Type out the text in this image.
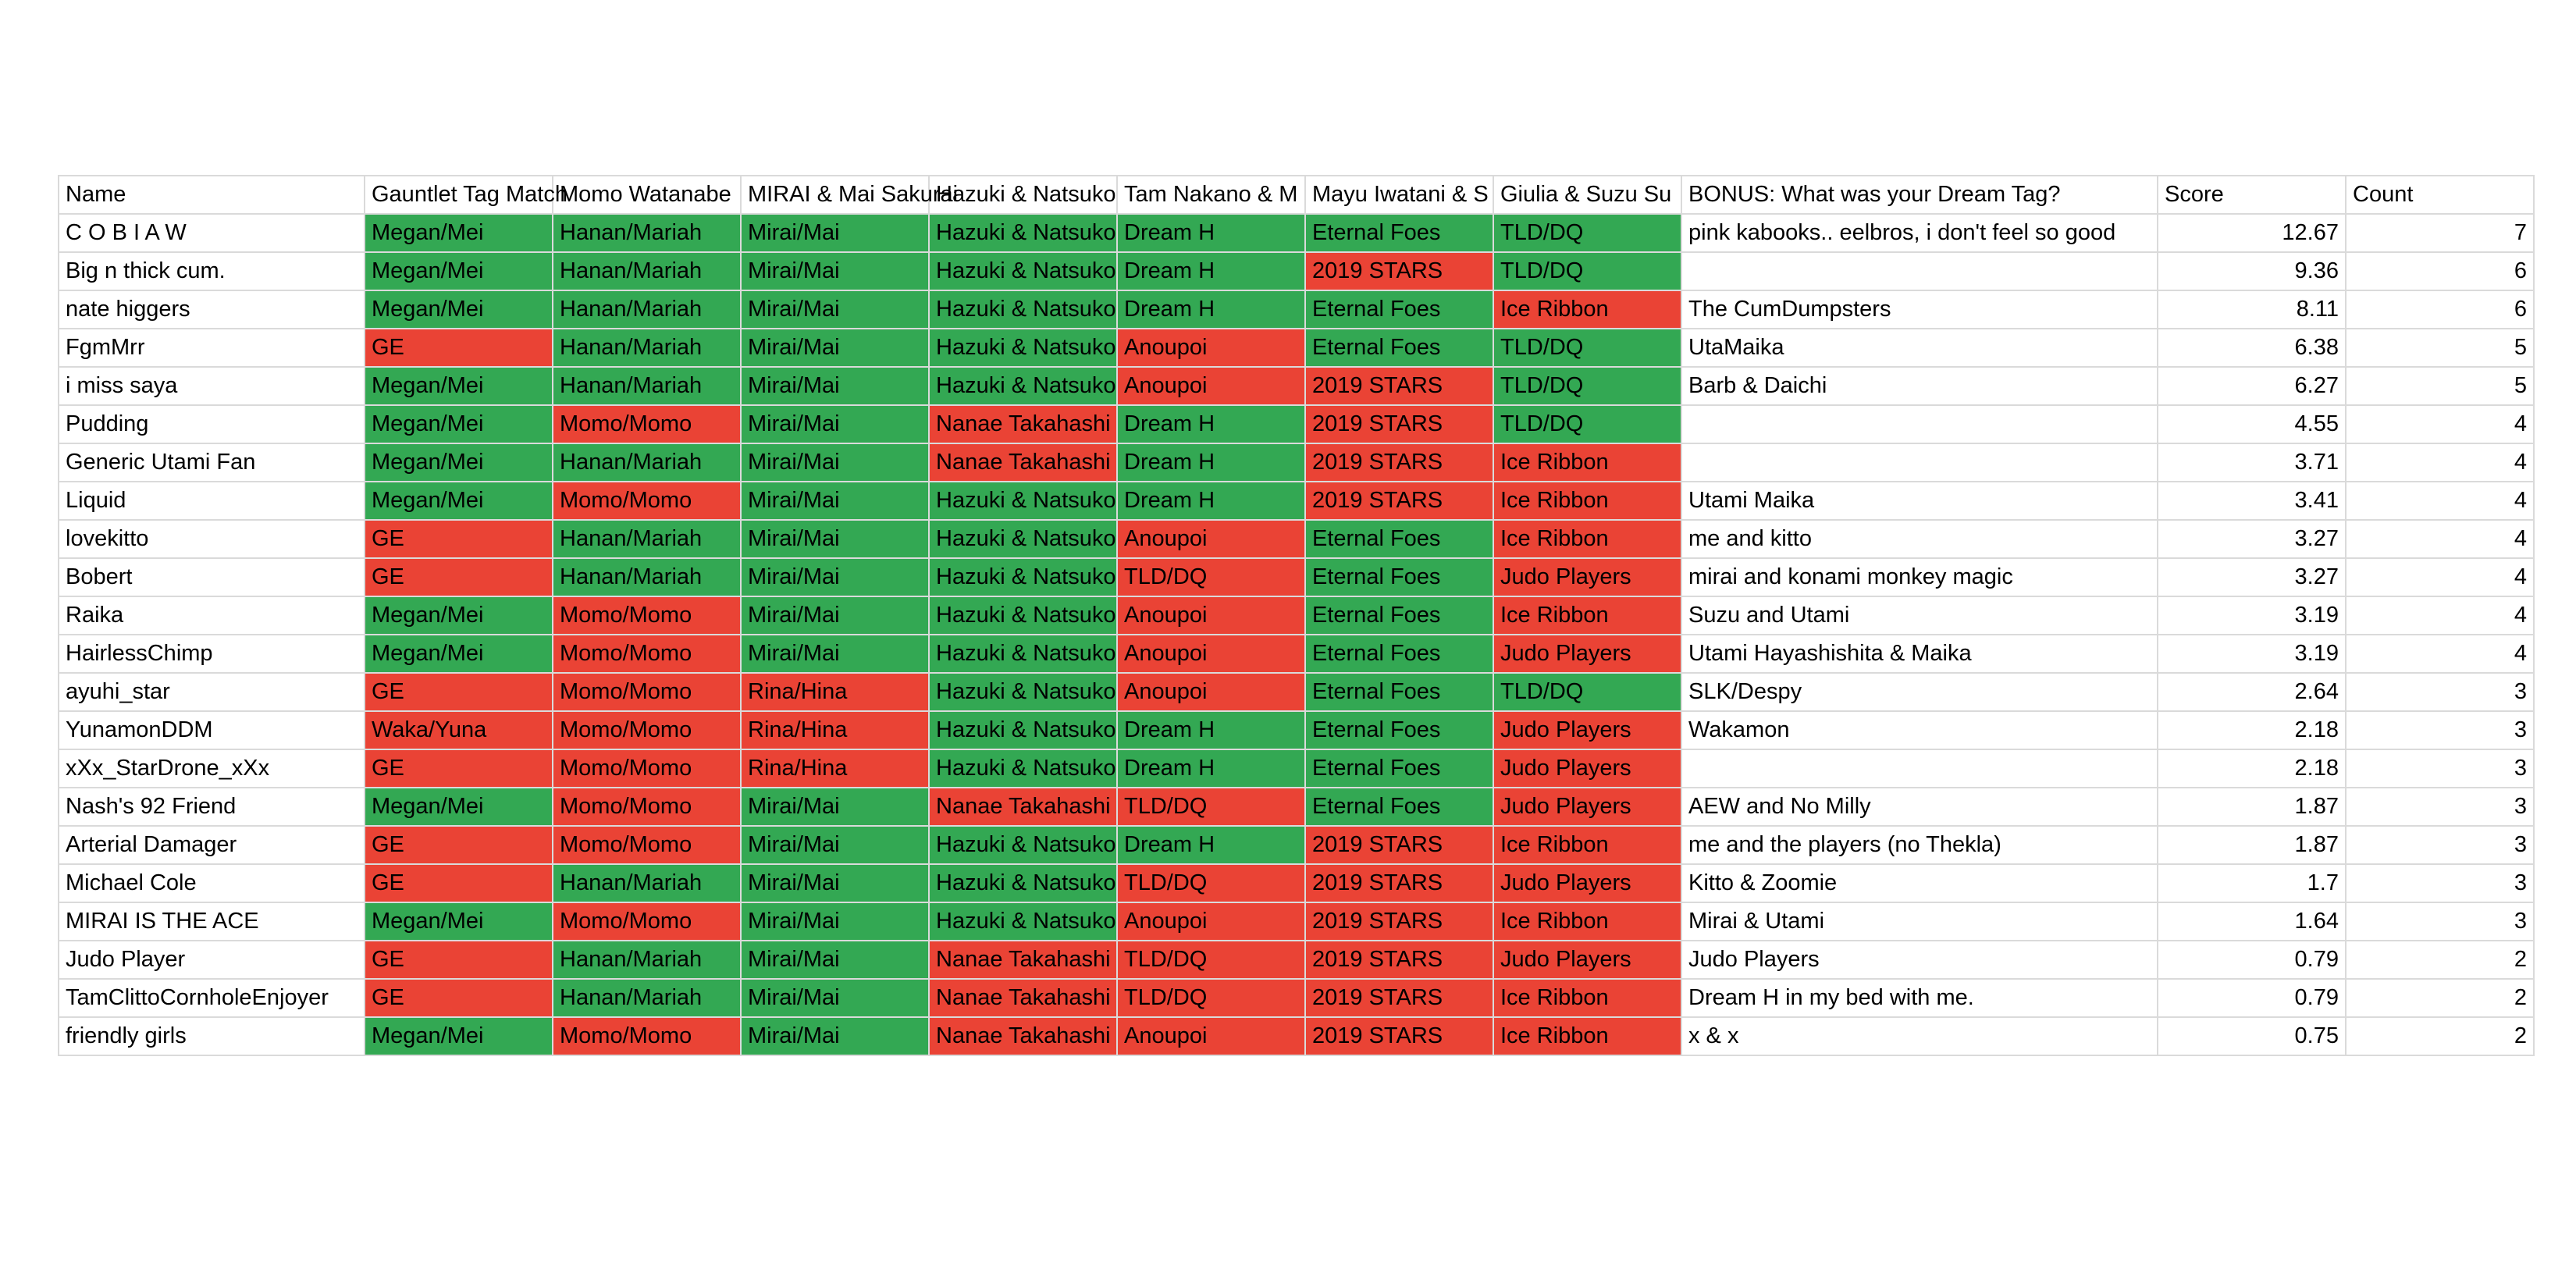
Name	Gauntlet Tag Match	Momo Watanabe	MIRAI & Mai Sakurai	Hazuki & Natsuko	Tam Nakano & M	Mayu Iwatani & S	Giulia & Suzu Su	BONUS: What was your Dream Tag?	Score	Count
C O B I A W	Megan/Mei	Hanan/Mariah	Mirai/Mai	Hazuki & Natsuko	Dream H	Eternal Foes	TLD/DQ	pink kabooks.. eelbros, i don't feel so good	12.67	7
Big n thick cum.	Megan/Mei	Hanan/Mariah	Mirai/Mai	Hazuki & Natsuko	Dream H	2019 STARS	TLD/DQ		9.36	6
nate higgers	Megan/Mei	Hanan/Mariah	Mirai/Mai	Hazuki & Natsuko	Dream H	Eternal Foes	Ice Ribbon	The CumDumpsters	8.11	6
FgmMrr	GE	Hanan/Mariah	Mirai/Mai	Hazuki & Natsuko	Anoupoi	Eternal Foes	TLD/DQ	UtaMaika	6.38	5
i miss saya	Megan/Mei	Hanan/Mariah	Mirai/Mai	Hazuki & Natsuko	Anoupoi	2019 STARS	TLD/DQ	Barb & Daichi	6.27	5
Pudding	Megan/Mei	Momo/Momo	Mirai/Mai	Nanae Takahashi	Dream H	2019 STARS	TLD/DQ		4.55	4
Generic Utami Fan	Megan/Mei	Hanan/Mariah	Mirai/Mai	Nanae Takahashi	Dream H	2019 STARS	Ice Ribbon		3.71	4
Liquid	Megan/Mei	Momo/Momo	Mirai/Mai	Hazuki & Natsuko	Dream H	2019 STARS	Ice Ribbon	Utami Maika	3.41	4
lovekitto	GE	Hanan/Mariah	Mirai/Mai	Hazuki & Natsuko	Anoupoi	Eternal Foes	Ice Ribbon	me and kitto	3.27	4
Bobert	GE	Hanan/Mariah	Mirai/Mai	Hazuki & Natsuko	TLD/DQ	Eternal Foes	Judo Players	mirai and konami monkey magic	3.27	4
Raika	Megan/Mei	Momo/Momo	Mirai/Mai	Hazuki & Natsuko	Anoupoi	Eternal Foes	Ice Ribbon	Suzu and Utami	3.19	4
HairlessChimp	Megan/Mei	Momo/Momo	Mirai/Mai	Hazuki & Natsuko	Anoupoi	Eternal Foes	Judo Players	Utami Hayashishita & Maika	3.19	4
ayuhi_star	GE	Momo/Momo	Rina/Hina	Hazuki & Natsuko	Anoupoi	Eternal Foes	TLD/DQ	SLK/Despy	2.64	3
YunamonDDM	Waka/Yuna	Momo/Momo	Rina/Hina	Hazuki & Natsuko	Dream H	Eternal Foes	Judo Players	Wakamon	2.18	3
xXx_StarDrone_xXx	GE	Momo/Momo	Rina/Hina	Hazuki & Natsuko	Dream H	Eternal Foes	Judo Players		2.18	3
Nash's 92 Friend	Megan/Mei	Momo/Momo	Mirai/Mai	Nanae Takahashi	TLD/DQ	Eternal Foes	Judo Players	AEW and No Milly	1.87	3
Arterial Damager	GE	Momo/Momo	Mirai/Mai	Hazuki & Natsuko	Dream H	2019 STARS	Ice Ribbon	me and the players (no Thekla)	1.87	3
Michael Cole	GE	Hanan/Mariah	Mirai/Mai	Hazuki & Natsuko	TLD/DQ	2019 STARS	Judo Players	Kitto & Zoomie	1.7	3
MIRAI IS THE ACE	Megan/Mei	Momo/Momo	Mirai/Mai	Hazuki & Natsuko	Anoupoi	2019 STARS	Ice Ribbon	Mirai & Utami	1.64	3
Judo Player	GE	Hanan/Mariah	Mirai/Mai	Nanae Takahashi	TLD/DQ	2019 STARS	Judo Players	Judo Players	0.79	2
TamClittoCornholeEnjoyer	GE	Hanan/Mariah	Mirai/Mai	Nanae Takahashi	TLD/DQ	2019 STARS	Ice Ribbon	Dream H in my bed with me.	0.79	2
friendly girls	Megan/Mei	Momo/Momo	Mirai/Mai	Nanae Takahashi	Anoupoi	2019 STARS	Ice Ribbon	x & x	0.75	2
